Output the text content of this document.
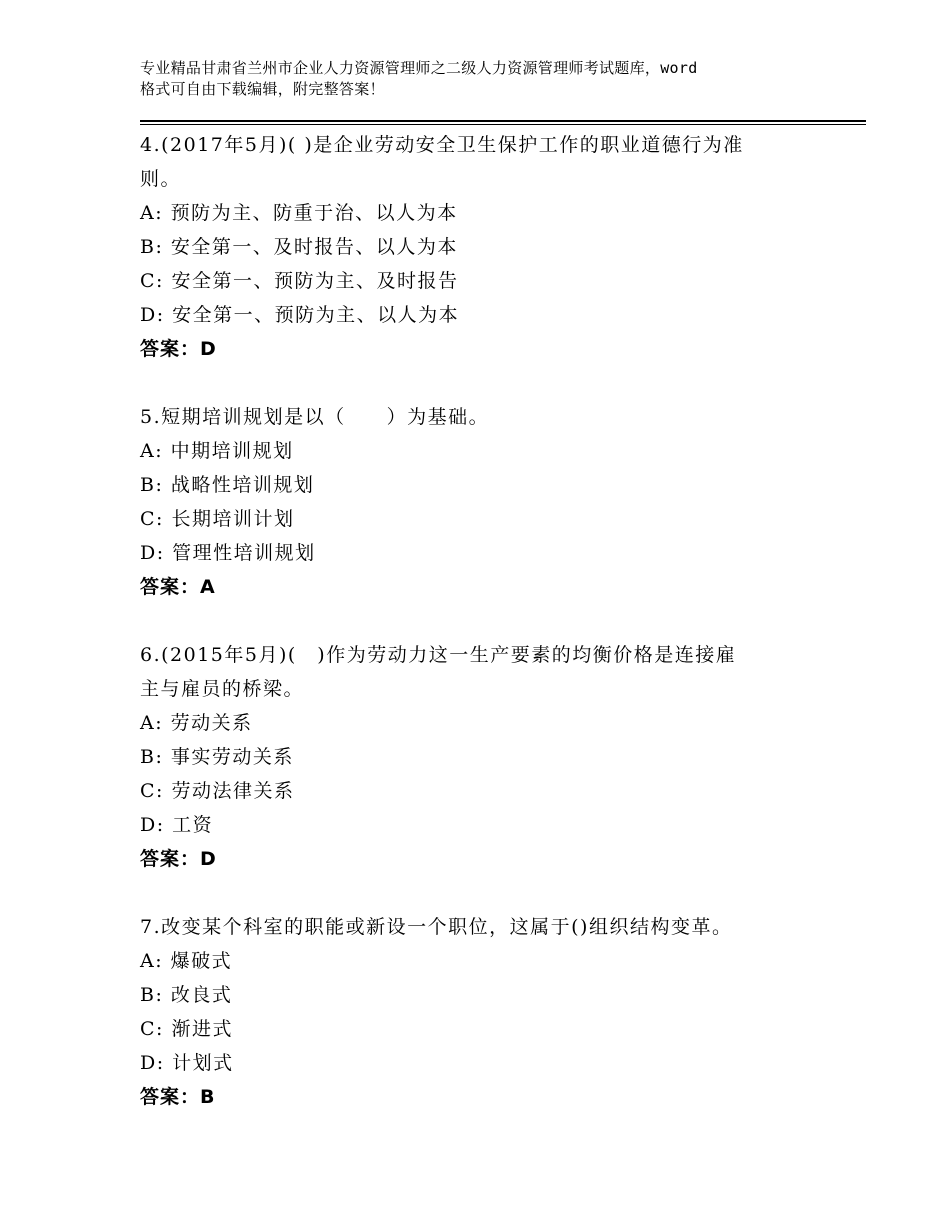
专业精品甘肃省兰州市企业人力资源管理师之二级人力资源管理师考试题库，word
格式可自由下载编辑，附完整答案！
4.(2017年5月)( )是企业劳动安全卫生保护工作的职业道德行为准
则。
A: 预防为主、防重于治、以人为本
B: 安全第一、及时报告、以人为本
C: 安全第一、预防为主、及时报告
D: 安全第一、预防为主、以人为本
答案：D
5.短期培训规划是以（　　）为基础。
A: 中期培训规划
B: 战略性培训规划
C: 长期培训计划
D: 管理性培训规划
答案：A
6.(2015年5月)(　)作为劳动力这一生产要素的均衡价格是连接雇
主与雇员的桥梁。
A: 劳动关系
B: 事实劳动关系
C: 劳动法律关系
D: 工资
答案：D
7.改变某个科室的职能或新设一个职位，这属于()组织结构变革。
A: 爆破式
B: 改良式
C: 渐进式
D: 计划式
答案：B
